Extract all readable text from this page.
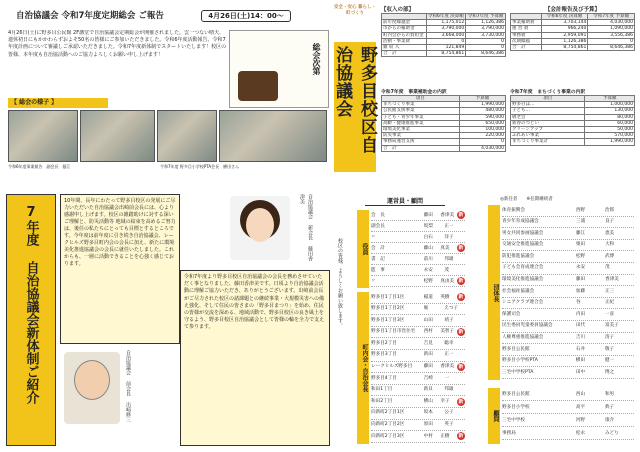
自治協議会 令和7年度定期総会 ご報告	4月26日(土)14：00～
4月26日(土)に野多目公民館 2F講堂で自治協議会定期総会が開催されました。雲一つない晴天、連休初日にもかかわらずおよそ50名の皆様にご参加いただきました。令和6年度活動報告、令和7年度計画について審議しご承認いただきました。令和7年度新体制でスタートいたします！校区の皆様、本年度も自治協活動へのご協力よろしくお願い申し上げます！	総会次第
【 総会の様子 】
令和6年度事業報告　副会長　藤江	令和7年度 野多目小学校PTA会長　横田さん
安全・安心 暮らし・町づくり
野多目校区自治協議会
【収入の部】
	令和6年度 決算額	令和7年度 予算額
前年度繰越金	1,175,012	1,126,386
市からの補助金	3,790,000	3,790,000
町内会からの負担金	3,668,000	3,730,000
活動・事業費	0	0
雑 収 入	121,849	0
合　計	8,754,861	8,646,386
【会計報告及び予算】
	令和6年度 決算額	令和7年度 予算額
事業補助費	3,703,144	4,030,000
運 営 費	966,240	1,090,000
事務費	2,959,091	3,556,386
次期繰越	1,126,386	0
合　計	8,754,861	8,646,386
令和7年度　事業補助金の内訳
項目	予算額
まちづくり事業	1,990,000
公民館支援事業	480,000
子ども・青少年事業	590,000
高齢・健康推進事業	650,000
環境美化事業	100,000
防災事業	220,000
事務局運営支援	0
合　計	4,030,000
令和7年度　まちづくり事業の内訳
項目	予算額
野多目ほ…	1,000,000
子ども…	130,000
敬老会	80,000
新春のつどい	60,000
クリーンアップ	50,000
ふれあい事業	570,000
まちづくり事業計	1,990,000
7年度 自治協議会新体制ご紹介
10年間、長年にわたって野多目校区の発展にご尽力いただいた自治協議会出崎前会長には、心より感謝申し上げます。校区の雑踏助けに対する深いご理解と、防災活動等 地域の結束を高めるご努力は、後任の私たちにとっても目標とするところです。今年度は前年度に引き続き自治協議会、レークヒルズ野多目町内会の会長に加え、新たに環境美化推進協議会の会長に就任いたしました。これからも、一層に活動できることを心強く感じております。
自治協議会 前会長 出崎修三
自治協議会 新会長 藤田香津美
令和7年度より野多目校区自治協議会の会長を務めさせていただく事となりました、藤田香津美です。日頃より自治協議会活動に理解ご協力いただき、ありがとうございます。出崎前会長がご尽力された校区の諸課題との継続事業・大規模災害への備え強化、そして住民の皆さまの「野多目まつり」を始め、住民の皆様が交流を深める、地域活動で、野多目校区の良き風土を守るよう、野多目校区自治協議会として皆様の輪を全力で支えて参ります。
運営員・顧問
校区の皆様、よろしくお願い致します。	役員
会　長	藤田	香津美 新
副会長	坂梨	正一
〃	白石	洋子
会　計	藤山	真美	新
書　記	前川	邦雄
監　事	永安	茂
〃	松野	真由美 新
町内会・自治会長
野多目1丁目1区	稲道	英樹	新
野多目1丁目2区	堀	えつ子
野多目1丁目3区	山田	靖子
野多目1丁目市営住宅	西村	美智子 新
野多目2丁目	吉見	聡幸
野多目3丁目	新田	正一
レークヒルズ野多目	藤田	香津美 新
野多目4丁目	吉崎	一
和田1丁目	新貝	邦雄
和田2丁目	横山	幸子	新
向新町2丁目1区	坂本	公子
向新町2丁目2区	原田	英子
向新町2丁目3区	中村	正樹	新
◎新任者　　※任期継続者
団体長
体育振興会	西野	治郎
青少年育成協議会	三浦	良子
男女共同参画協議会	藤江	恵美
交通安全推進協議会	栗田	大和
防犯推進協議会	松野	武博
子ども会育成連合会	永安	茂
環境美化推進協議会	藤田	香津美
社会福祉協議会	加藤	正三
シニアクラブ連合会	谷	正紀
保護司会	内田	一彦
民生委員児童委員協議会	田代	富美子
人権尊重推進協議会	吉川	清子
野多目公民館	石井	敬子
野多目小学校PTA	横田	健一
三宅中学校PTA	田中	博之
顧問
野多目公民館	西山	和男
野多目小学校	高平	典子
三宅中学校	河野	康介
事務局	松永	みどり
